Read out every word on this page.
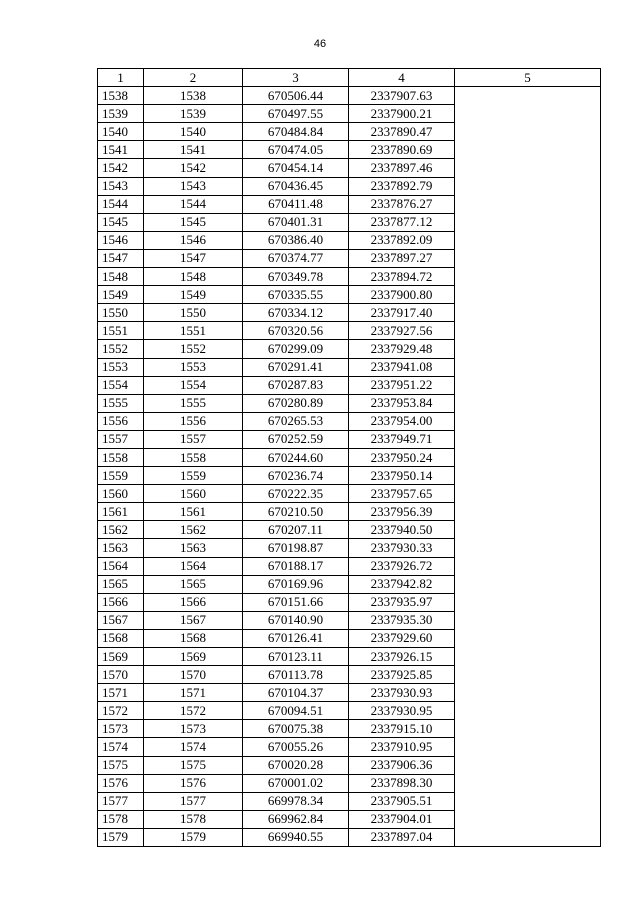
46
1	2	3	4	5
1538	1538	670506.44	2337907.63	
1539	1539	670497.55	2337900.21	
1540	1540	670484.84	2337890.47	
1541	1541	670474.05	2337890.69	
1542	1542	670454.14	2337897.46	
1543	1543	670436.45	2337892.79	
1544	1544	670411.48	2337876.27	
1545	1545	670401.31	2337877.12	
1546	1546	670386.40	2337892.09	
1547	1547	670374.77	2337897.27	
1548	1548	670349.78	2337894.72	
1549	1549	670335.55	2337900.80	
1550	1550	670334.12	2337917.40	
1551	1551	670320.56	2337927.56	
1552	1552	670299.09	2337929.48	
1553	1553	670291.41	2337941.08	
1554	1554	670287.83	2337951.22	
1555	1555	670280.89	2337953.84	
1556	1556	670265.53	2337954.00	
1557	1557	670252.59	2337949.71	
1558	1558	670244.60	2337950.24	
1559	1559	670236.74	2337950.14	
1560	1560	670222.35	2337957.65	
1561	1561	670210.50	2337956.39	
1562	1562	670207.11	2337940.50	
1563	1563	670198.87	2337930.33	
1564	1564	670188.17	2337926.72	
1565	1565	670169.96	2337942.82	
1566	1566	670151.66	2337935.97	
1567	1567	670140.90	2337935.30	
1568	1568	670126.41	2337929.60	
1569	1569	670123.11	2337926.15	
1570	1570	670113.78	2337925.85	
1571	1571	670104.37	2337930.93	
1572	1572	670094.51	2337930.95	
1573	1573	670075.38	2337915.10	
1574	1574	670055.26	2337910.95	
1575	1575	670020.28	2337906.36	
1576	1576	670001.02	2337898.30	
1577	1577	669978.34	2337905.51	
1578	1578	669962.84	2337904.01	
1579	1579	669940.55	2337897.04	
